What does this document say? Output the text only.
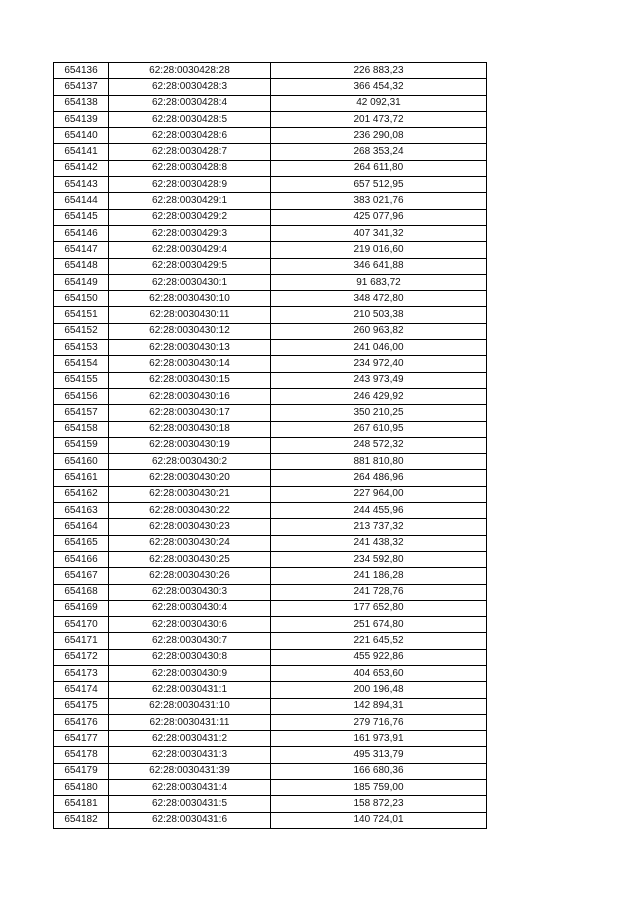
654136	62:28:0030428:28	226 883,23
654137	62:28:0030428:3	366 454,32
654138	62:28:0030428:4	42 092,31
654139	62:28:0030428:5	201 473,72
654140	62:28:0030428:6	236 290,08
654141	62:28:0030428:7	268 353,24
654142	62:28:0030428:8	264 611,80
654143	62:28:0030428:9	657 512,95
654144	62:28:0030429:1	383 021,76
654145	62:28:0030429:2	425 077,96
654146	62:28:0030429:3	407 341,32
654147	62:28:0030429:4	219 016,60
654148	62:28:0030429:5	346 641,88
654149	62:28:0030430:1	91 683,72
654150	62:28:0030430:10	348 472,80
654151	62:28:0030430:11	210 503,38
654152	62:28:0030430:12	260 963,82
654153	62:28:0030430:13	241 046,00
654154	62:28:0030430:14	234 972,40
654155	62:28:0030430:15	243 973,49
654156	62:28:0030430:16	246 429,92
654157	62:28:0030430:17	350 210,25
654158	62:28:0030430:18	267 610,95
654159	62:28:0030430:19	248 572,32
654160	62:28:0030430:2	881 810,80
654161	62:28:0030430:20	264 486,96
654162	62:28:0030430:21	227 964,00
654163	62:28:0030430:22	244 455,96
654164	62:28:0030430:23	213 737,32
654165	62:28:0030430:24	241 438,32
654166	62:28:0030430:25	234 592,80
654167	62:28:0030430:26	241 186,28
654168	62:28:0030430:3	241 728,76
654169	62:28:0030430:4	177 652,80
654170	62:28:0030430:6	251 674,80
654171	62:28:0030430:7	221 645,52
654172	62:28:0030430:8	455 922,86
654173	62:28:0030430:9	404 653,60
654174	62:28:0030431:1	200 196,48
654175	62:28:0030431:10	142 894,31
654176	62:28:0030431:11	279 716,76
654177	62:28:0030431:2	161 973,91
654178	62:28:0030431:3	495 313,79
654179	62:28:0030431:39	166 680,36
654180	62:28:0030431:4	185 759,00
654181	62:28:0030431:5	158 872,23
654182	62:28:0030431:6	140 724,01
